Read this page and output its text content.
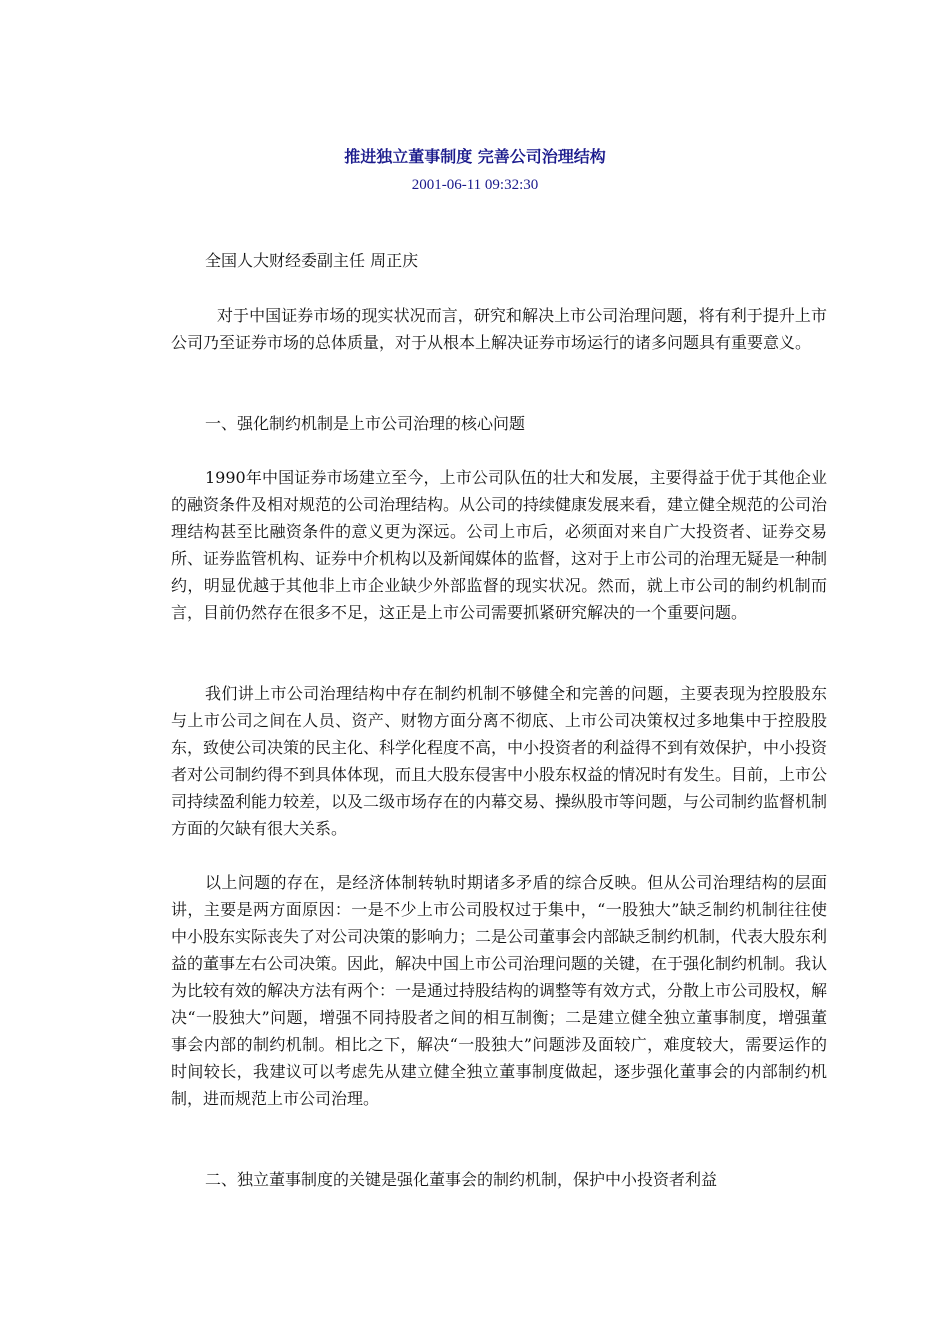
推进独立董事制度 完善公司治理结构
2001-06-11 09:32:30

全国人大财经委副主任 周正庆

对于中国证券市场的现实状况而言，研究和解决上市公司治理问题，将有利于提升上市公司乃至证券市场的总体质量，对于从根本上解决证券市场运行的诸多问题具有重要意义。

一、强化制约机制是上市公司治理的核心问题

1990年中国证券市场建立至今，上市公司队伍的壮大和发展，主要得益于优于其他企业的融资条件及相对规范的公司治理结构。从公司的持续健康发展来看，建立健全规范的公司治理结构甚至比融资条件的意义更为深远。公司上市后，必须面对来自广大投资者、证券交易所、证券监管机构、证券中介机构以及新闻媒体的监督，这对于上市公司的治理无疑是一种制约，明显优越于其他非上市企业缺少外部监督的现实状况。然而，就上市公司的制约机制而言，目前仍然存在很多不足，这正是上市公司需要抓紧研究解决的一个重要问题。

我们讲上市公司治理结构中存在制约机制不够健全和完善的问题，主要表现为控股股东与上市公司之间在人员、资产、财物方面分离不彻底、上市公司决策权过多地集中于控股股东，致使公司决策的民主化、科学化程度不高，中小投资者的利益得不到有效保护，中小投资者对公司制约得不到具体体现，而且大股东侵害中小股东权益的情况时有发生。目前，上市公司持续盈利能力较差，以及二级市场存在的内幕交易、操纵股市等问题，与公司制约监督机制方面的欠缺有很大关系。

以上问题的存在，是经济体制转轨时期诸多矛盾的综合反映。但从公司治理结构的层面讲，主要是两方面原因：一是不少上市公司股权过于集中，“一股独大”缺乏制约机制往往使中小股东实际丧失了对公司决策的影响力；二是公司董事会内部缺乏制约机制，代表大股东利益的董事左右公司决策。因此，解决中国上市公司治理问题的关键，在于强化制约机制。我认为比较有效的解决方法有两个：一是通过持股结构的调整等有效方式，分散上市公司股权，解决“一股独大”问题，增强不同持股者之间的相互制衡；二是建立健全独立董事制度，增强董事会内部的制约机制。相比之下，解决“一股独大”问题涉及面较广，难度较大，需要运作的时间较长，我建议可以考虑先从建立健全独立董事制度做起，逐步强化董事会的内部制约机制，进而规范上市公司治理。

二、独立董事制度的关键是强化董事会的制约机制，保护中小投资者利益
